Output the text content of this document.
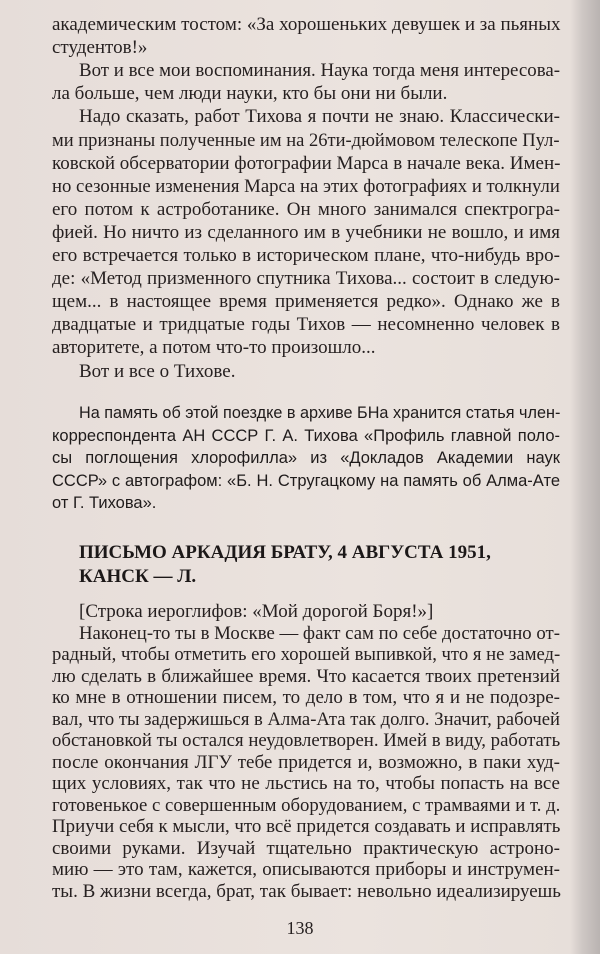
академическим тостом: «За хорошеньких девушек и за пьяных
студентов!»
Вот и все мои воспоминания. Наука тогда меня интересова-
ла больше, чем люди науки, кто бы они ни были.
Надо сказать, работ Тихова я почти не знаю. Классически-
ми признаны полученные им на 26ти-дюймовом телескопе Пул-
ковской обсерватории фотографии Марса в начале века. Имен-
но сезонные изменения Марса на этих фотографиях и толкнули
его потом к астроботанике. Он много занимался спектрогра-
фией. Но ничто из сделанного им в учебники не вошло, и имя
его встречается только в историческом плане, что-нибудь вро-
де: «Метод призменного спутника Тихова... состоит в следую-
щем... в настоящее время применяется редко». Однако же в
двадцатые и тридцатые годы Тихов — несомненно человек в
авторитете, а потом что-то произошло...
Вот и все о Тихове.
На память об этой поездке в архиве БНа хранится статья член-
корреспондента АН СССР Г. А. Тихова «Профиль главной поло-
сы поглощения хлорофилла» из «Докладов Академии наук
СССР» с автографом: «Б. Н. Стругацкому на память об Алма-Ате
от Г. Тихова».
ПИСЬМО АРКАДИЯ БРАТУ, 4 АВГУСТА 1951,
КАНСК — Л.
[Строка иероглифов: «Мой дорогой Боря!»]
Наконец-то ты в Москве — факт сам по себе достаточно от-
радный, чтобы отметить его хорошей выпивкой, что я не замед-
лю сделать в ближайшее время. Что касается твоих претензий
ко мне в отношении писем, то дело в том, что я и не подозре-
вал, что ты задержишься в Алма-Ата так долго. Значит, рабочей
обстановкой ты остался неудовлетворен. Имей в виду, работать
после окончания ЛГУ тебе придется и, возможно, в паки худ-
щих условиях, так что не льстись на то, чтобы попасть на все
готовенькое с совершенным оборудованием, с трамваями и т. д.
Приучи себя к мысли, что всё придется создавать и исправлять
своими руками. Изучай тщательно практическую астроно-
мию — это там, кажется, описываются приборы и инструмен-
ты. В жизни всегда, брат, так бывает: невольно идеализируешь
138
